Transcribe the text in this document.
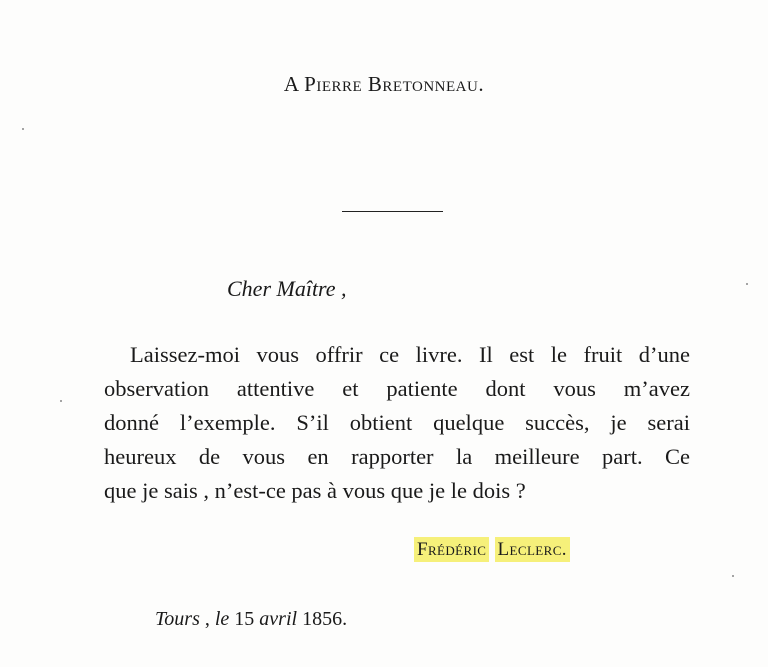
A Pierre Bretonneau.
Cher Maître ,
Laissez-moi vous offrir ce livre. Il est le fruit d’une
observation attentive et patiente dont vous m’avez
donné l’exemple. S’il obtient quelque succès, je serai
heureux de vous en rapporter la meilleure part. Ce
que je sais , n’est-ce pas à vous que je le dois ?
Frédéric Leclerc.
Tours , le 15 avril 1856.
